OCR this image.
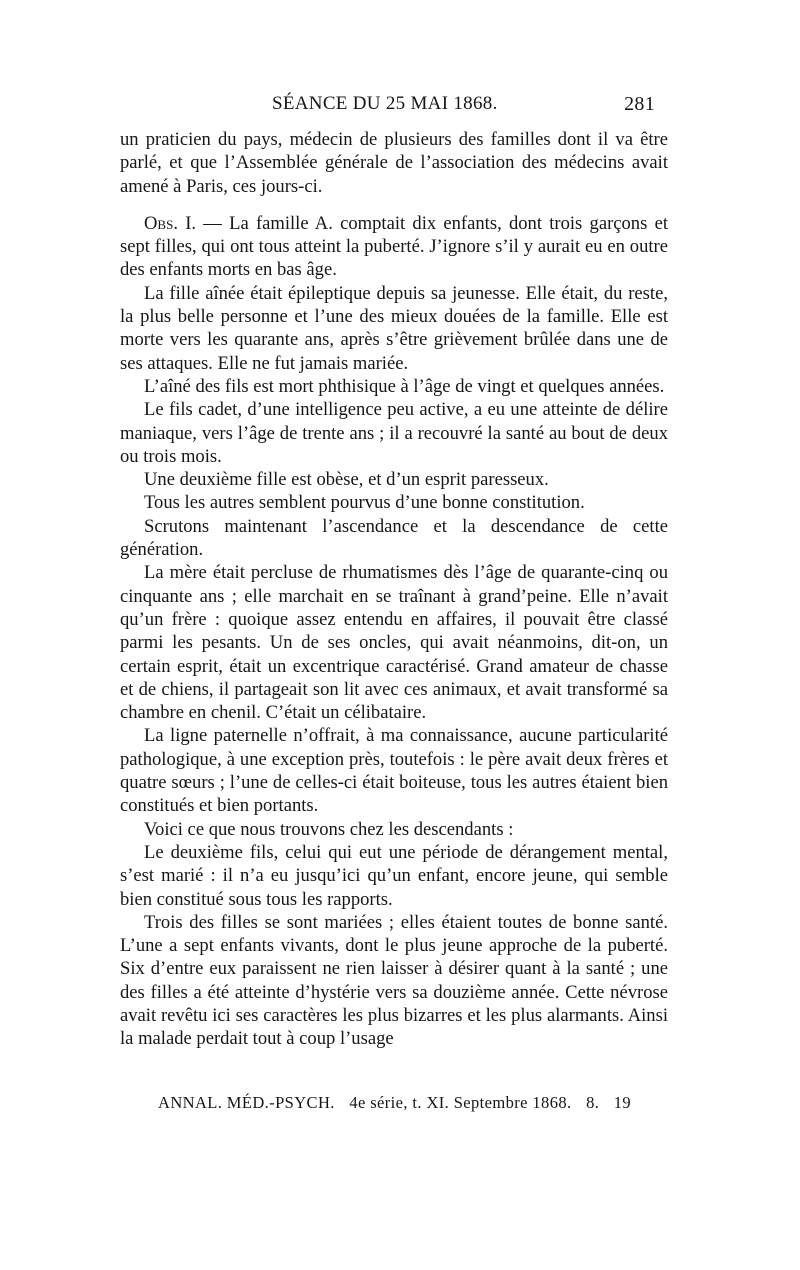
SÉANCE DU 25 MAI 1868.	281

un praticien du pays, médecin de plusieurs des familles dont il va être parlé, et que l’Assemblée générale de l’association des médecins avait amené à Paris, ces jours-ci.

Obs. I. — La famille A. comptait dix enfants, dont trois garçons et sept filles, qui ont tous atteint la puberté. J’ignore s’il y aurait eu en outre des enfants morts en bas âge.

La fille aînée était épileptique depuis sa jeunesse. Elle était, du reste, la plus belle personne et l’une des mieux douées de la famille. Elle est morte vers les quarante ans, après s’être grièvement brûlée dans une de ses attaques. Elle ne fut jamais mariée.

L’aîné des fils est mort phthisique à l’âge de vingt et quelques années.

Le fils cadet, d’une intelligence peu active, a eu une atteinte de délire maniaque, vers l’âge de trente ans ; il a recouvré la santé au bout de deux ou trois mois.

Une deuxième fille est obèse, et d’un esprit paresseux.

Tous les autres semblent pourvus d’une bonne constitution.

Scrutons maintenant l’ascendance et la descendance de cette génération.

La mère était percluse de rhumatismes dès l’âge de quarante-cinq ou cinquante ans ; elle marchait en se traînant à grand’peine. Elle n’avait qu’un frère : quoique assez entendu en affaires, il pouvait être classé parmi les pesants. Un de ses oncles, qui avait néanmoins, dit-on, un certain esprit, était un excentrique caractérisé. Grand amateur de chasse et de chiens, il partageait son lit avec ces animaux, et avait transformé sa chambre en chenil. C’était un célibataire.

La ligne paternelle n’offrait, à ma connaissance, aucune particularité pathologique, à une exception près, toutefois : le père avait deux frères et quatre sœurs ; l’une de celles-ci était boiteuse, tous les autres étaient bien constitués et bien portants.

Voici ce que nous trouvons chez les descendants :

Le deuxième fils, celui qui eut une période de dérangement mental, s’est marié : il n’a eu jusqu’ici qu’un enfant, encore jeune, qui semble bien constitué sous tous les rapports.

Trois des filles se sont mariées ; elles étaient toutes de bonne santé. L’une a sept enfants vivants, dont le plus jeune approche de la puberté. Six d’entre eux paraissent ne rien laisser à désirer quant à la santé ; une des filles a été atteinte d’hystérie vers sa douzième année. Cette névrose avait revêtu ici ses caractères les plus bizarres et les plus alarmants. Ainsi la malade perdait tout à coup l’usage

ANNAL. MÉD.-PSYCH. 4e série, t. XI. Septembre 1868. 8. 19
